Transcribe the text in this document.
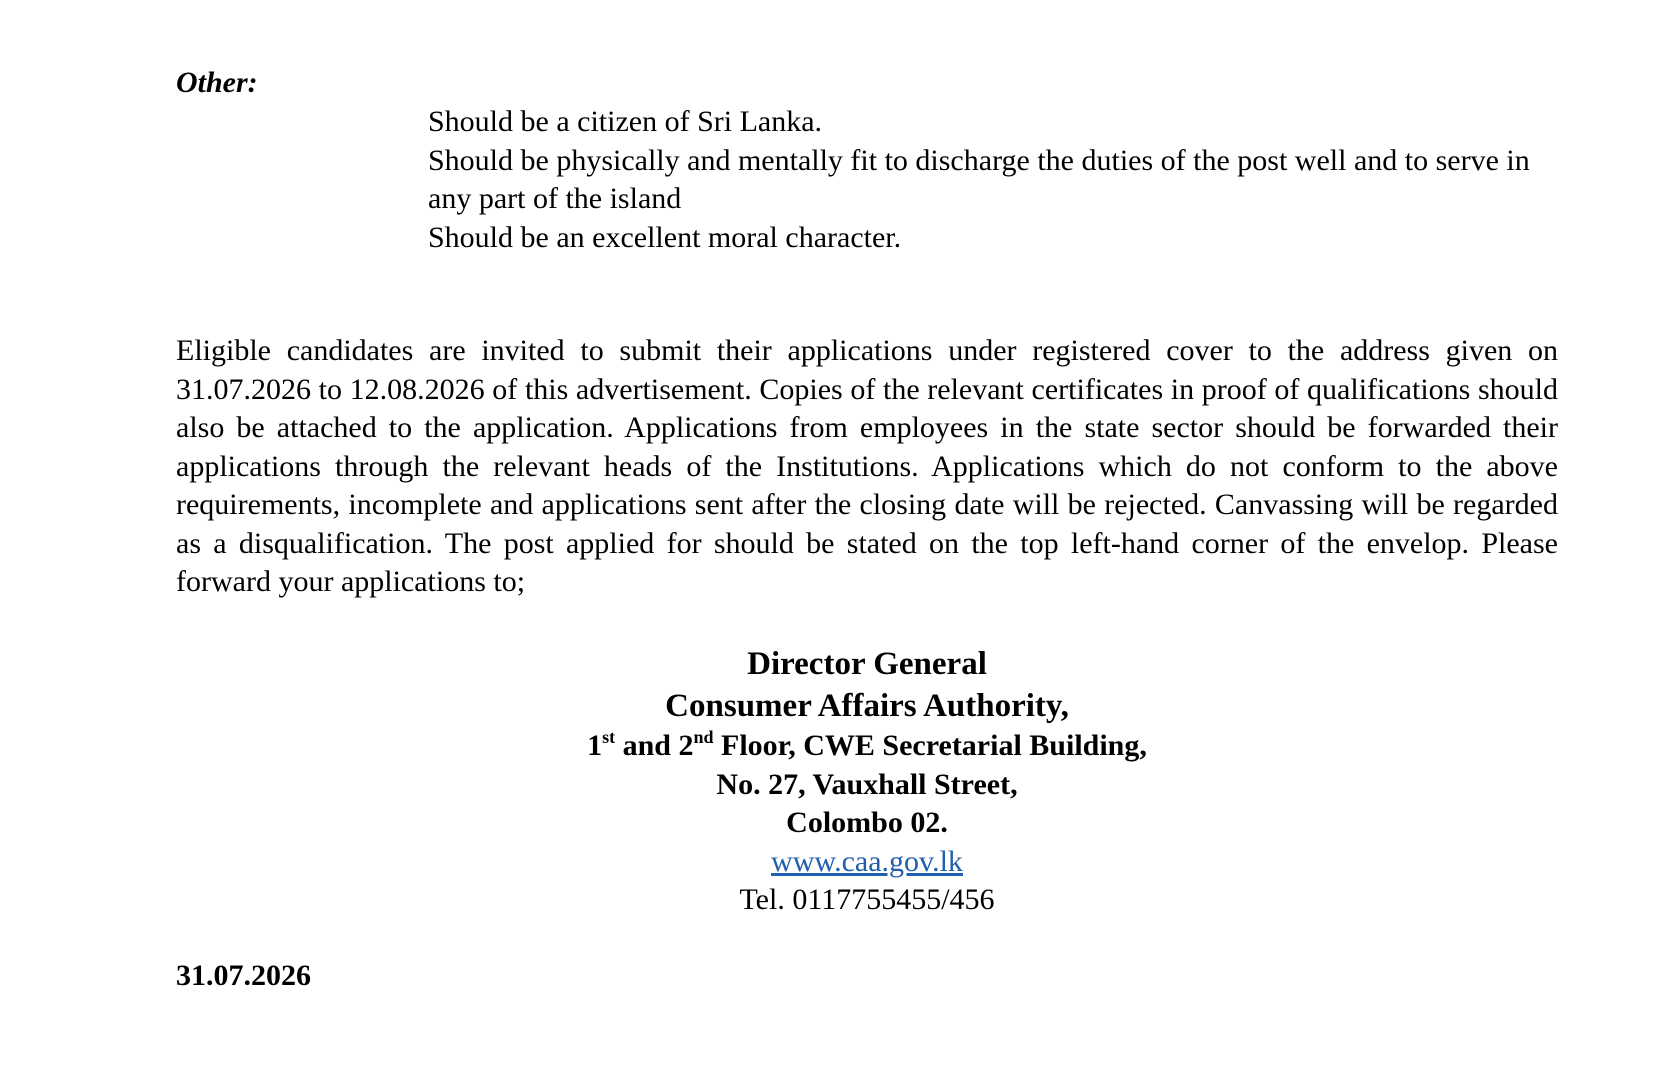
Other:
Should be a citizen of Sri Lanka.
Should be physically and mentally fit to discharge the duties of the post well and to serve in any part of the island
Should be an excellent moral character.

Eligible candidates are invited to submit their applications under registered cover to the address given on 31.07.2026 to 12.08.2026 of this advertisement. Copies of the relevant certificates in proof of qualifications should also be attached to the application. Applications from employees in the state sector should be forwarded their applications through the relevant heads of the Institutions. Applications which do not conform to the above requirements, incomplete and applications sent after the closing date will be rejected. Canvassing will be regarded as a disqualification. The post applied for should be stated on the top left-hand corner of the envelop. Please forward your applications to;

Director General
Consumer Affairs Authority,
1st and 2nd Floor, CWE Secretarial Building,
No. 27, Vauxhall Street,
Colombo 02.
www.caa.gov.lk
Tel. 0117755455/456
31.07.2026
